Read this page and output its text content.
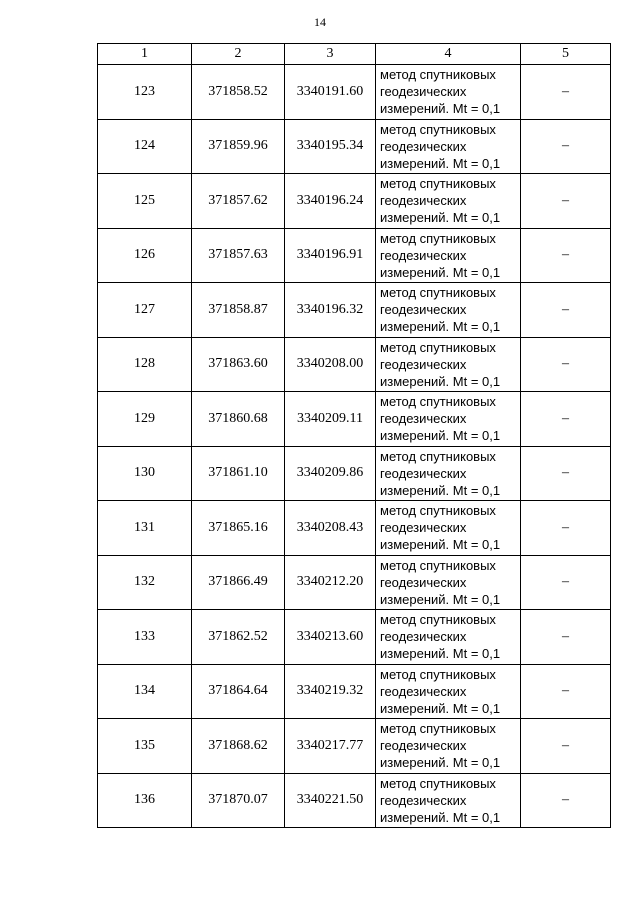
14
1	2	3	4	5
123	371858.52	3340191.60	метод спутниковых
геодезических
измерений. Mt = 0,1	–
124	371859.96	3340195.34	метод спутниковых
геодезических
измерений. Mt = 0,1	–
125	371857.62	3340196.24	метод спутниковых
геодезических
измерений. Mt = 0,1	–
126	371857.63	3340196.91	метод спутниковых
геодезических
измерений. Mt = 0,1	–
127	371858.87	3340196.32	метод спутниковых
геодезических
измерений. Mt = 0,1	–
128	371863.60	3340208.00	метод спутниковых
геодезических
измерений. Mt = 0,1	–
129	371860.68	3340209.11	метод спутниковых
геодезических
измерений. Mt = 0,1	–
130	371861.10	3340209.86	метод спутниковых
геодезических
измерений. Mt = 0,1	–
131	371865.16	3340208.43	метод спутниковых
геодезических
измерений. Mt = 0,1	–
132	371866.49	3340212.20	метод спутниковых
геодезических
измерений. Mt = 0,1	–
133	371862.52	3340213.60	метод спутниковых
геодезических
измерений. Mt = 0,1	–
134	371864.64	3340219.32	метод спутниковых
геодезических
измерений. Mt = 0,1	–
135	371868.62	3340217.77	метод спутниковых
геодезических
измерений. Mt = 0,1	–
136	371870.07	3340221.50	метод спутниковых
геодезических
измерений. Mt = 0,1	–
